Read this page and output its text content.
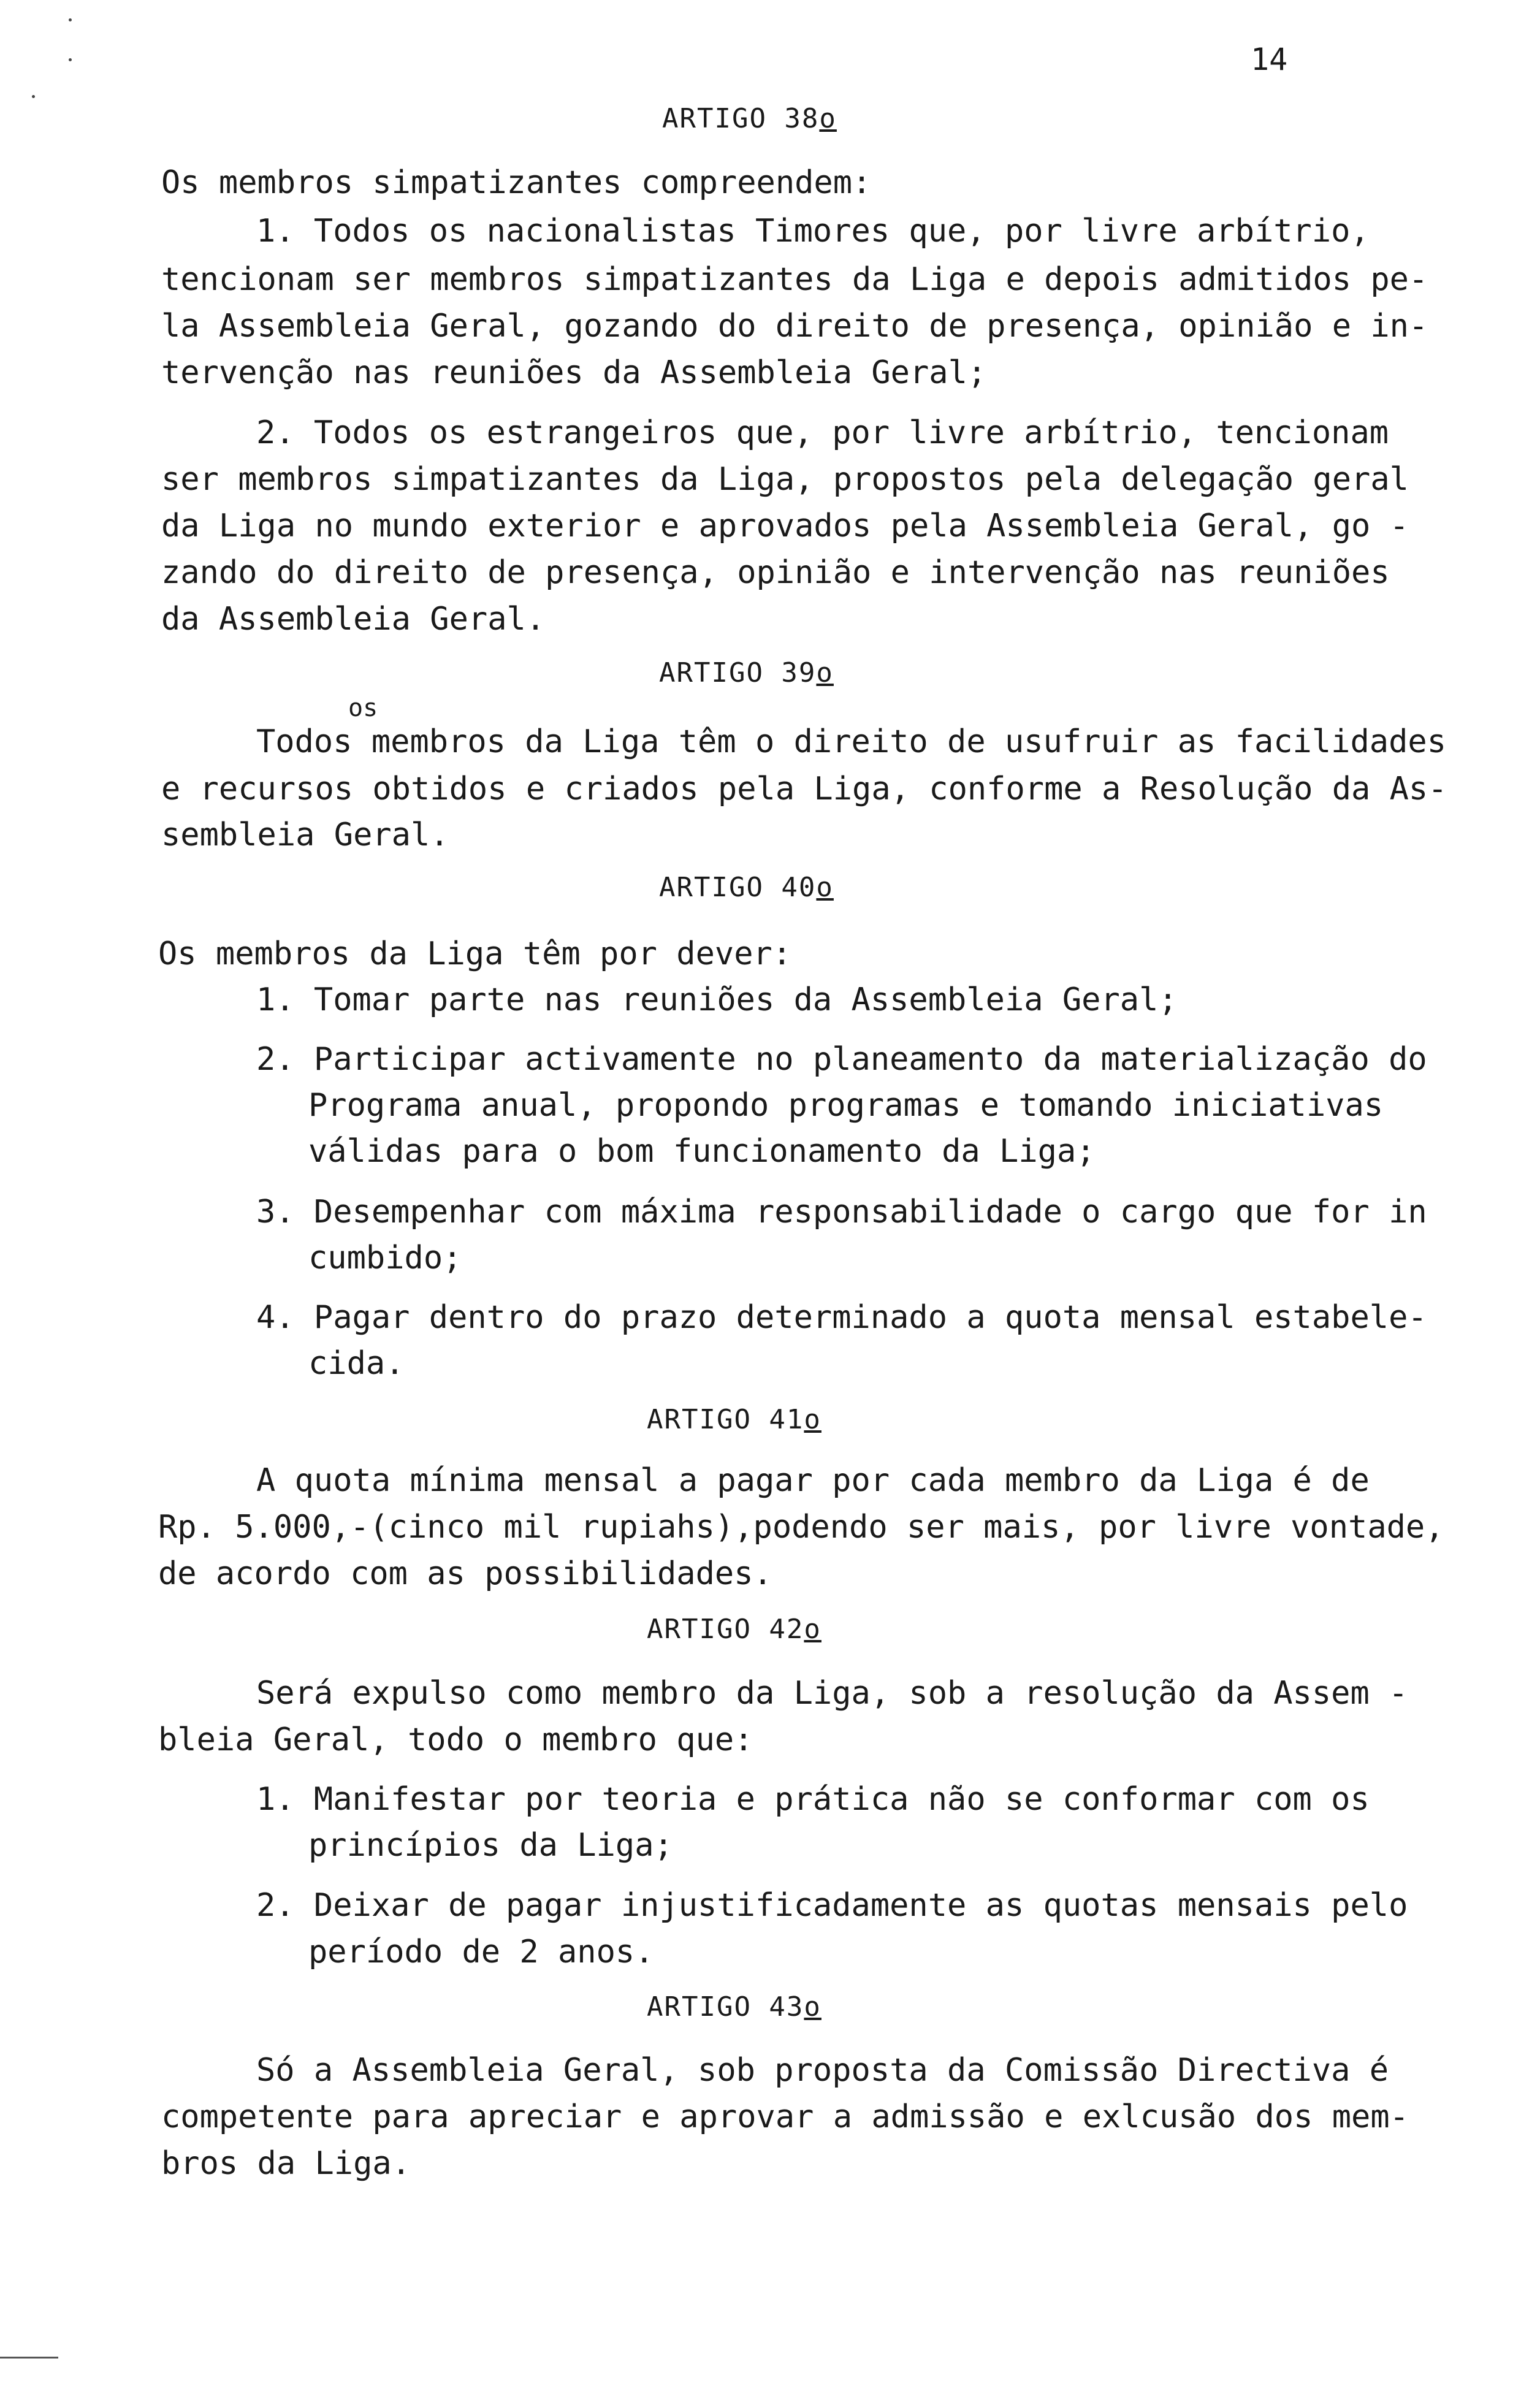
14
ARTIGO 38o
Os membros simpatizantes compreendem:
1. Todos os nacionalistas Timores que, por livre arbítrio,
tencionam ser membros simpatizantes da Liga e depois admitidos pe-
la Assembleia Geral, gozando do direito de presença, opinião e in-
tervenção nas reuniões da Assembleia Geral;
2. Todos os estrangeiros que, por livre arbítrio, tencionam
ser membros simpatizantes da Liga, propostos pela delegação geral
da Liga no mundo exterior e aprovados pela Assembleia Geral, go -
zando do direito de presença, opinião e intervenção nas reuniões
da Assembleia Geral.
ARTIGO 39o
os
Todos membros da Liga têm o direito de usufruir as facilidades
e recursos obtidos e criados pela Liga, conforme a Resolução da As-
sembleia Geral.
ARTIGO 40o
Os membros da Liga têm por dever:
1. Tomar parte nas reuniões da Assembleia Geral;
2. Participar activamente no planeamento da materialização do
Programa anual, propondo programas e tomando iniciativas
válidas para o bom funcionamento da Liga;
3. Desempenhar com máxima responsabilidade o cargo que for in
cumbido;
4. Pagar dentro do prazo determinado a quota mensal estabele-
cida.
ARTIGO 41o
A quota mínima mensal a pagar por cada membro da Liga é de
Rp. 5.000,-(cinco mil rupiahs),podendo ser mais, por livre vontade,
de acordo com as possibilidades.
ARTIGO 42o
Será expulso como membro da Liga, sob a resolução da Assem -
bleia Geral, todo o membro que:
1. Manifestar por teoria e prática não se conformar com os
princípios da Liga;
2. Deixar de pagar injustificadamente as quotas mensais pelo
período de 2 anos.
ARTIGO 43o
Só a Assembleia Geral, sob proposta da Comissão Directiva é
competente para apreciar e aprovar a admissão e exlcusão dos mem-
bros da Liga.
